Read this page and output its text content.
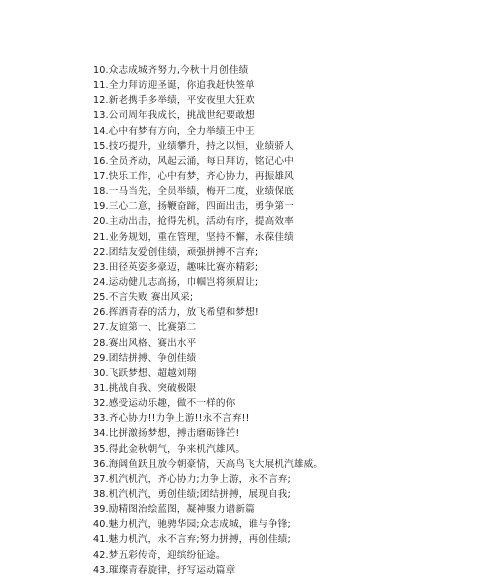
10.众志成城齐努力,今秋十月创佳绩
11.全力拜访迎圣诞，你追我赶快签单
12.新老携手多举绩，平安夜里大狂欢
13.公司周年我成长，挑战世纪要敢想
14.心中有梦有方向，全力举绩王中王
15.技巧提升，业绩攀升，持之以恒，业绩骄人
16.全员齐动，风起云涌，每日拜访，铭记心中
17.快乐工作，心中有梦，齐心协力，再振雄风
18.一马当先，全员举绩，梅开二度，业绩保底
19.三心二意，扬鞭奋蹄，四面出击，勇争第一
20.主动出击，抢得先机，活动有序，提高效率
21.业务规划，重在管理，坚持不懈，永葆佳绩
22.团结友爱创佳绩，顽强拼搏不言弃;
23.田径英姿多豪迈，趣味比赛亦精彩;
24.运动健儿志高扬，巾帼岂将须眉让;
25.不言失败 赛出风采;
26.挥洒青春的活力，放飞希望和梦想!
27.友谊第一、比赛第二
28.赛出风格、赛出水平
29.团结拼搏、争创佳绩
30.飞跃梦想、超越刘翔
31.挑战自我、突破极限
32.感受运动乐趣，做不一样的你
33.齐心协力!!力争上游!!永不言弃!!
34.比拼激扬梦想，搏击磨砺锋芒!
35.得此金秋朝气，争来机汽雄风。
36.海阔鱼跃且放今朝豪情，天高鸟飞大展机汽雄威。
37.机汽机汽，齐心协力;力争上游，永不言弃;
38.机汽机汽，勇创佳绩;团结拼搏，展现自我;
39.励精图治绘蓝图，凝神聚力谱新篇
40.魅力机汽，驰骋华园;众志成城，谁与争锋;
41.魅力机汽，永不言弃;努力拼搏，再创佳绩;
42.梦五彩传奇，迎缤纷征途。
43.璀璨青春旋律，抒写运动篇章
